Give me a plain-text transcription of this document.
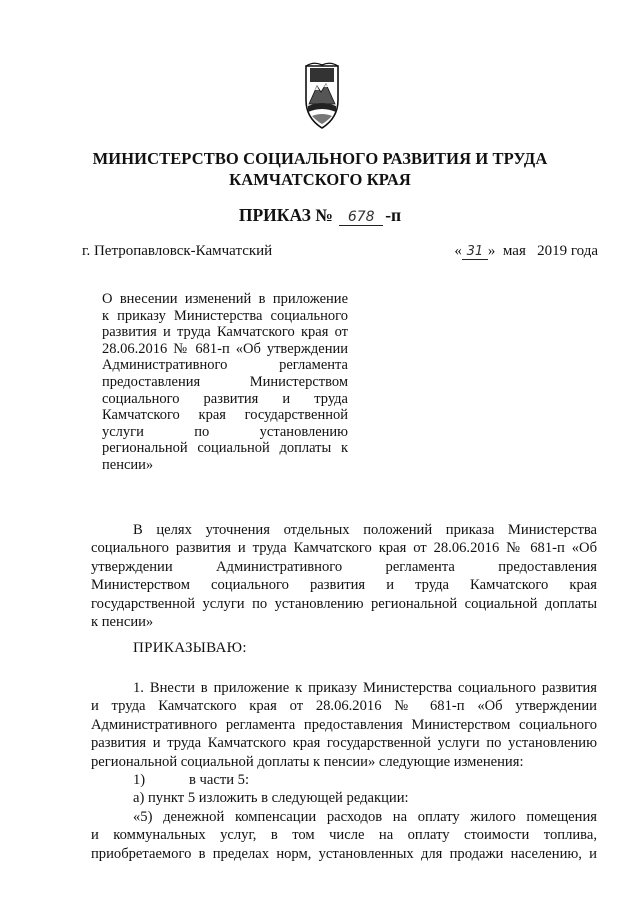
МИНИСТЕРСТВО СОЦИАЛЬНОГО РАЗВИТИЯ И ТРУДА
КАМЧАТСКОГО КРАЯ
ПРИКАЗ № 678 -п
г. Петропавловск-Камчатский	« 31 »  мая   2019 года
О внесении изменений в приложение
к приказу Министерства социального
развития и труда Камчатского края от
28.06.2016 № 681-п «Об утверждении
Административного регламента
предоставления Министерством
социального развития и труда
Камчатского края государственной
услуги по установлению
региональной социальной доплаты к
пенсии»
В целях уточнения отдельных положений приказа Министерства
социального развития и труда Камчатского края от 28.06.2016 № 681-п «Об
утверждении Административного регламента предоставления
Министерством социального развития и труда Камчатского края
государственной услуги по установлению региональной социальной доплаты
к пенсии»
ПРИКАЗЫВАЮ:
1. Внести в приложение к приказу Министерства социального развития
и труда Камчатского края от 28.06.2016 № 681-п «Об утверждении
Административного регламента предоставления Министерством социального
развития и труда Камчатского края государственной услуги по установлению
региональной социальной доплаты к пенсии» следующие изменения:
1)	в части 5:
а) пункт 5 изложить в следующей редакции:
«5) денежной компенсации расходов на оплату жилого помещения
и коммунальных услуг, в том числе на оплату стоимости топлива,
приобретаемого в пределах норм, установленных для продажи населению, и
